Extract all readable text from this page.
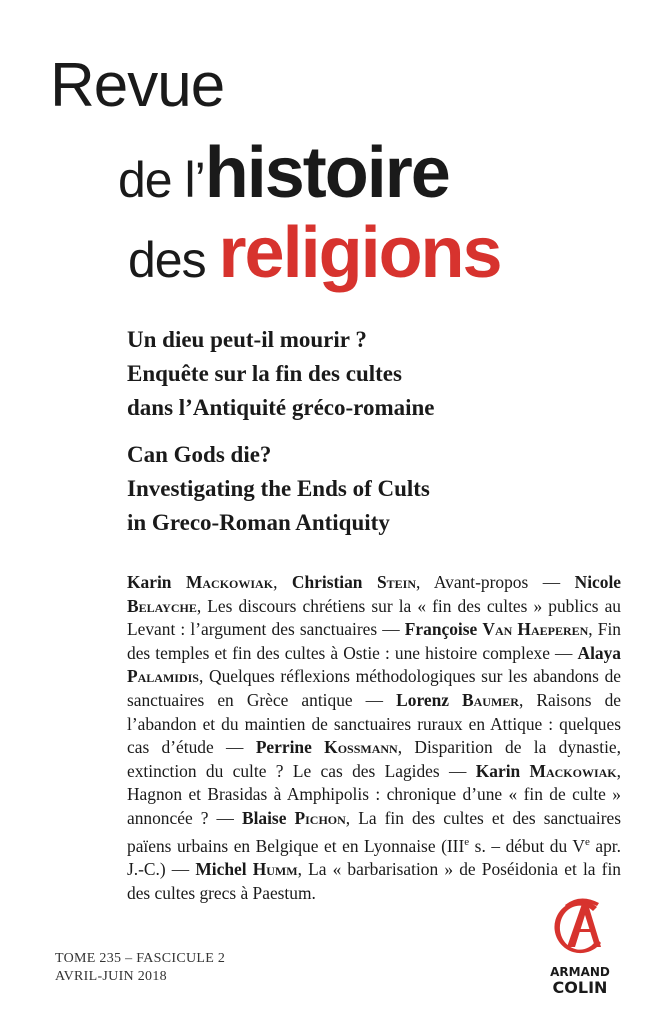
Revue
de l’histoire
des religions
Un dieu peut-il mourir ?
Enquête sur la fin des cultes
dans l’Antiquité gréco-romaine
Can Gods die?
Investigating the Ends of Cults
in Greco-Roman Antiquity
Karin Mackowiak, Christian Stein, Avant-propos — Nicole Belayche, Les discours chrétiens sur la « fin des cultes » publics au Levant : l’argument des sanctuaires — Françoise Van Haeperen, Fin des temples et fin des cultes à Ostie : une histoire complexe — Alaya Palamidis, Quelques réflexions méthodologiques sur les abandons de sanctuaires en Grèce antique — Lorenz Baumer, Raisons de l’abandon et du maintien de sanctuaires ruraux en Attique : quelques cas d’étude — Perrine Kossmann, Disparition de la dynastie, extinction du culte ? Le cas des Lagides — Karin Mackowiak, Hagnon et Brasidas à Amphipolis : chronique d’une « fin de culte » annoncée ? — Blaise Pichon, La fin des cultes et des sanctuaires païens urbains en Belgique et en Lyonnaise (IIIe s. – début du Ve apr. J.-C.) — Michel Humm, La « barbarisation » de Poséidonia et la fin des cultes grecs à Paestum.
TOME 235 – FASCICULE 2
AVRIL-JUIN 2018	ARMAND
COLIN
